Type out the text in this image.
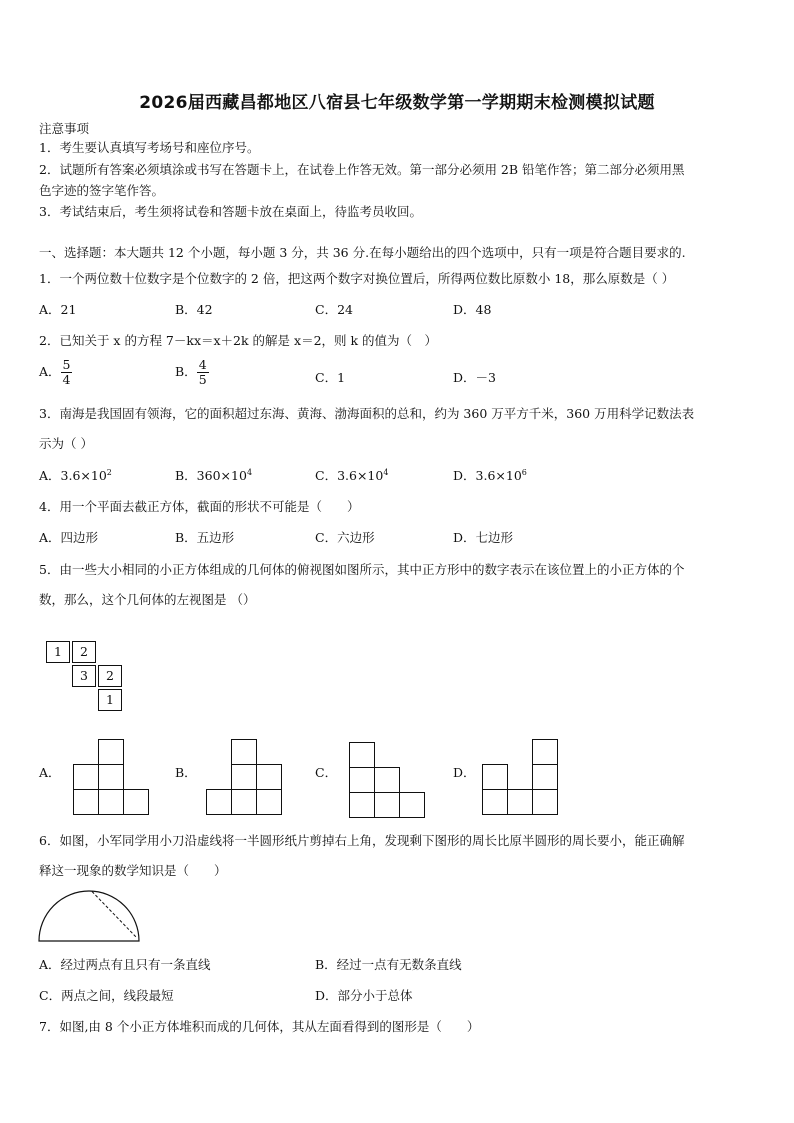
2026届西藏昌都地区八宿县七年级数学第一学期期末检测模拟试题
注意事项
1．考生要认真填写考场号和座位序号。
2．试题所有答案必须填涂或书写在答题卡上，在试卷上作答无效。第一部分必须用 2B 铅笔作答；第二部分必须用黑
色字迹的签字笔作答。
3．考试结束后，考生须将试卷和答题卡放在桌面上，待监考员收回。
一、选择题：本大题共 12 个小题，每小题 3 分，共 36 分.在每小题给出的四个选项中，只有一项是符合题目要求的.
1．一个两位数十位数字是个位数字的 2 倍，把这两个数字对换位置后，所得两位数比原数小 18，那么原数是（ ）
A．21	B．42	C．24	D．48
2．已知关于 x 的方程 7－kx＝x＋2k 的解是 x＝2，则 k 的值为（　）
A． $\frac{5}{4}$	B． $\frac{4}{5}$	C．1	D．－3
3．南海是我国固有领海，它的面积超过东海、黄海、渤海面积的总和，约为 360 万平方千米，360 万用科学记数法表
示为（ ）
A．$3.6\times 10^2$	B．$360\times 10^4$	C．$3.6\times 10^4$	D．$3.6\times 10^6$
4．用一个平面去截正方体，截面的形状不可能是（　　）
A．四边形	B．五边形	C．六边形	D．七边形
5．由一些大小相同的小正方体组成的几何体的俯视图如图所示，其中正方形中的数字表示在该位置上的小正方体的个
数，那么，这个几何体的左视图是 （）
1	2
3	2
1
A．	B．	C．	D．
6．如图，小军同学用小刀沿虚线将一半圆形纸片剪掉右上角，发现剩下图形的周长比原半圆形的周长要小，能正确解
释这一现象的数学知识是（　　）
A．经过两点有且只有一条直线	B．经过一点有无数条直线
C．两点之间，线段最短	D．部分小于总体
7．如图,由 8 个小正方体堆积而成的几何体，其从左面看得到的图形是（　　）
